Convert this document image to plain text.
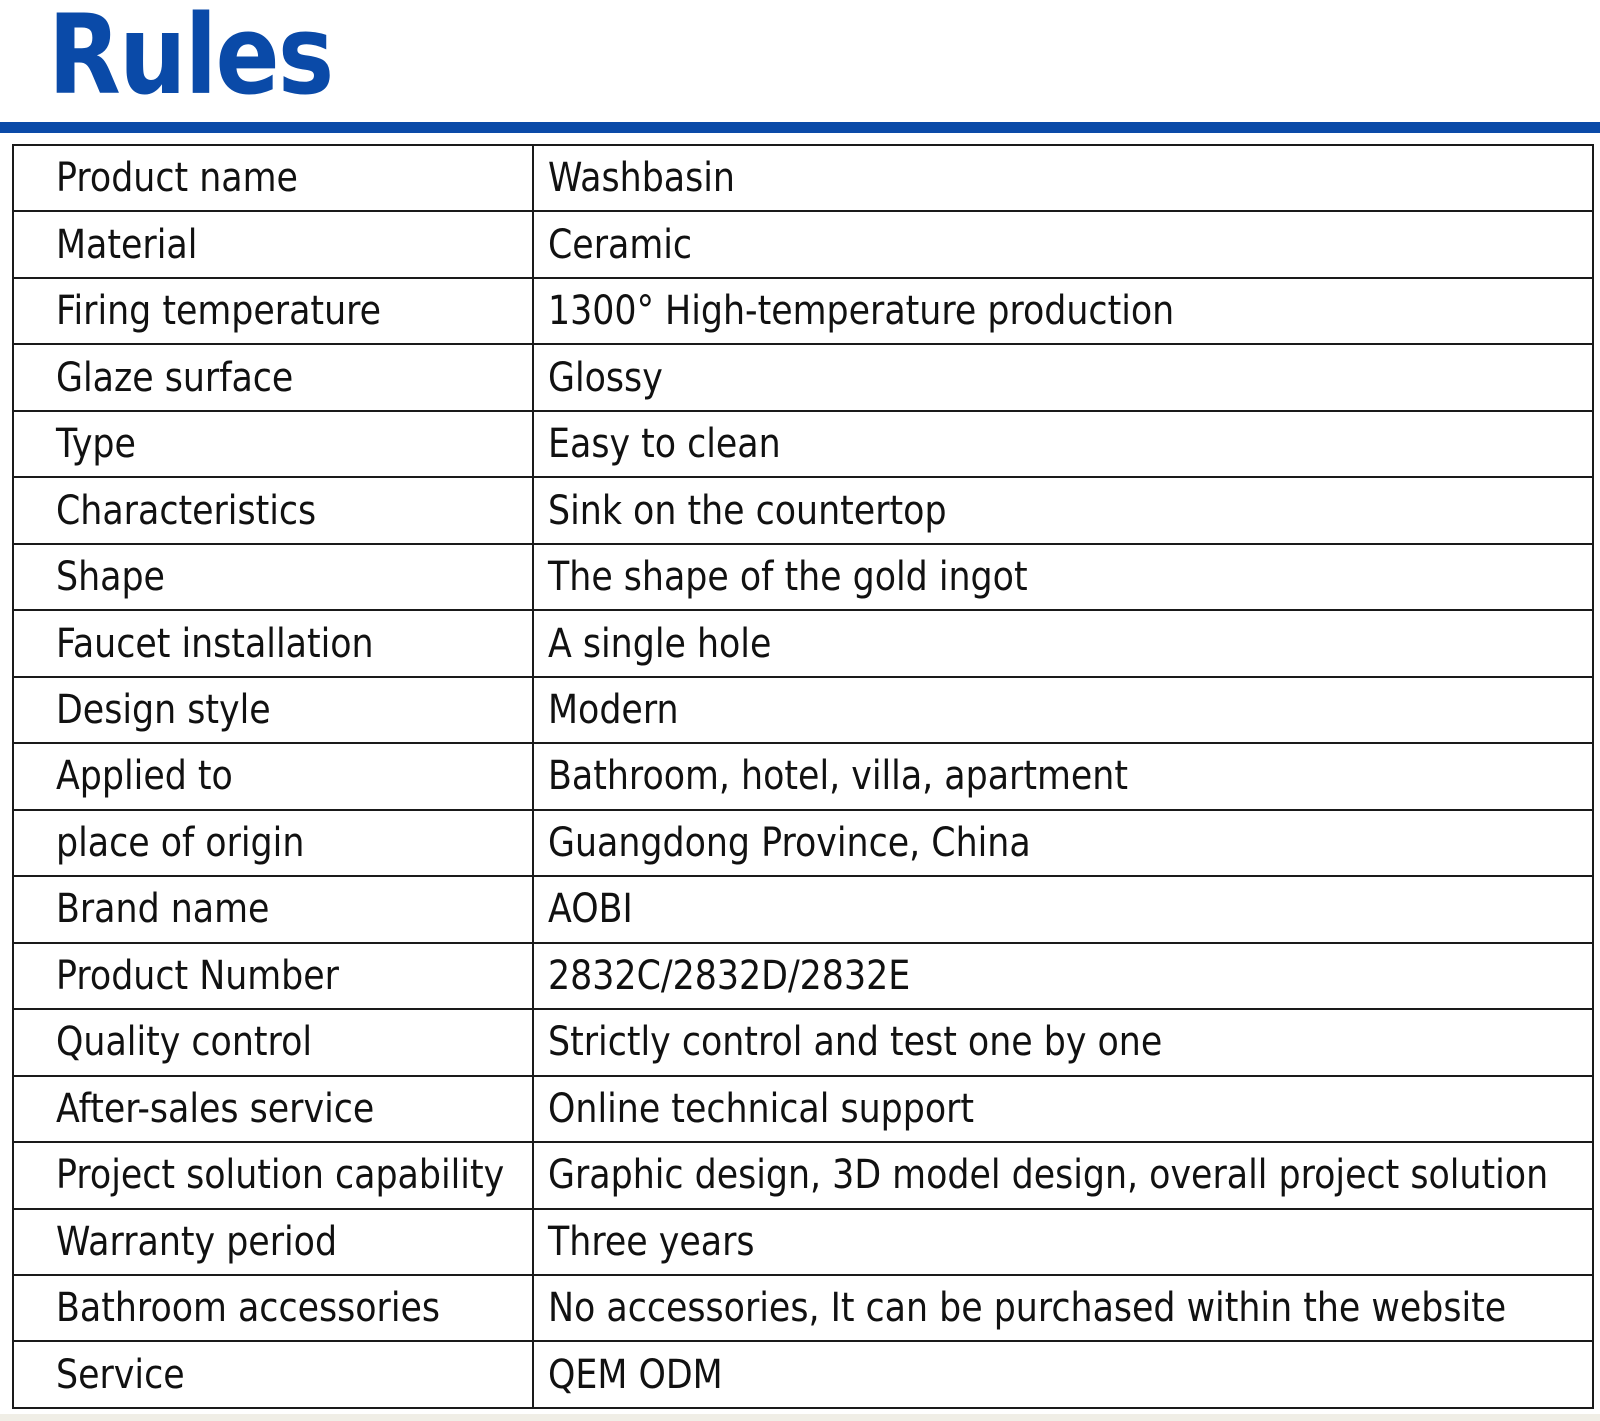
Rules
Product name	Washbasin
Material	Ceramic
Firing temperature	1300° High-temperature production
Glaze surface	Glossy
Type	Easy to clean
Characteristics	Sink on the countertop
Shape	The shape of the gold ingot
Faucet installation	A single hole
Design style	Modern
Applied to	Bathroom, hotel, villa, apartment
place of origin	Guangdong Province, China
Brand name	AOBI
Product Number	2832C/2832D/2832E
Quality control	Strictly control and test one by one
After-sales service	Online technical support
Project solution capability	Graphic design, 3D model design, overall project solution
Warranty period	Three years
Bathroom accessories	No accessories, It can be purchased within the website
Service	QEM ODM
